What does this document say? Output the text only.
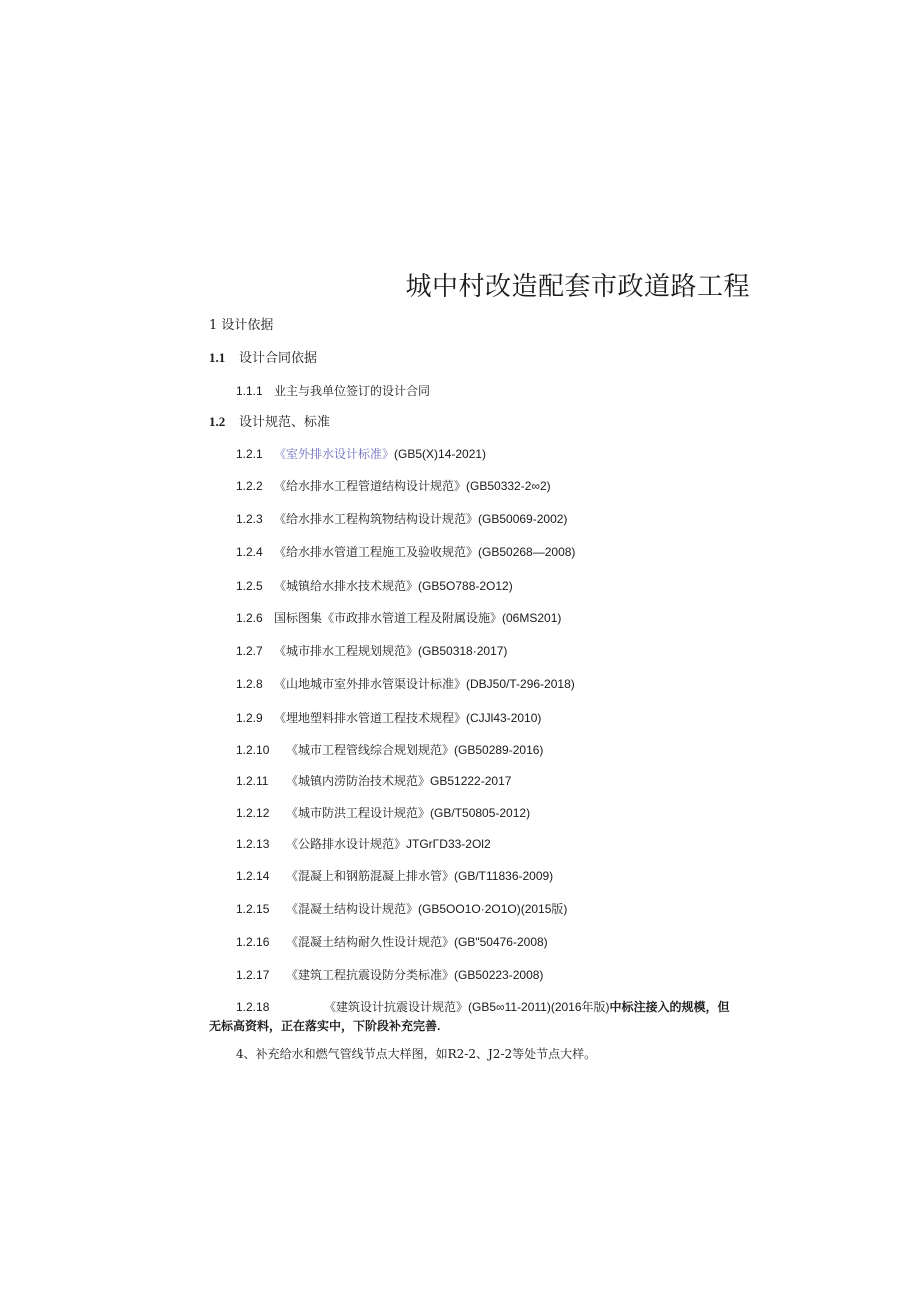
城中村改造配套市政道路工程
1 设计依据
1.1 设计合同依据
1.1.1 业主与我单位签订的设计合同
1.2 设计规范、标准
1.2.1 《室外排水设计标准》(GB5(X)14-2021)
1.2.2 《给水排水工程管道结构设计规范》(GB50332-2∞2)
1.2.3 《给水排水工程构筑物结构设计规范》(GB50069-2002)
1.2.4 《给水排水管道工程施工及验收规范》(GB50268—2008)
1.2.5 《城镇给水排水技术规范》(GB5O788-2O12)
1.2.6 国标图集《市政排水管道工程及附属设施》(06MS201)
1.2.7 《城市排水工程规划规范》(GB50318·2017)
1.2.8 《山地城市室外排水管渠设计标准》(DBJ50/T-296-2018)
1.2.9 《埋地塑料排水管道工程技术规程》(CJJl43-2010)
1.2.10 《城市工程管线综合规划规范》(GB50289-2016)
1.2.11 《城镇内涝防治技术规范》GB51222-2017
1.2.12 《城市防洪工程设计规范》(GB/T50805-2012)
1.2.13 《公路排水设计规范》JTGrΓD33-2Ol2
1.2.14 《混凝上和钢筋混凝上排水管》(GB/T11836-2009)
1.2.15 《混凝土结构设计规范》(GB5OO1O·2O1O)(2015版)
1.2.16 《混凝土结构耐久性设计规范》(GB"50476-2008)
1.2.17 《建筑工程抗震设防分类标准》(GB50223-2008)
1.2.18	《建筑设计抗震设计规范》(GB5∞11-2011)(2016年版)中标注接入的规模，但
无标高资料，正在落实中，下阶段补充完善.
4、补充给水和燃气管线节点大样图，如R2-2、J2-2等处节点大样。
